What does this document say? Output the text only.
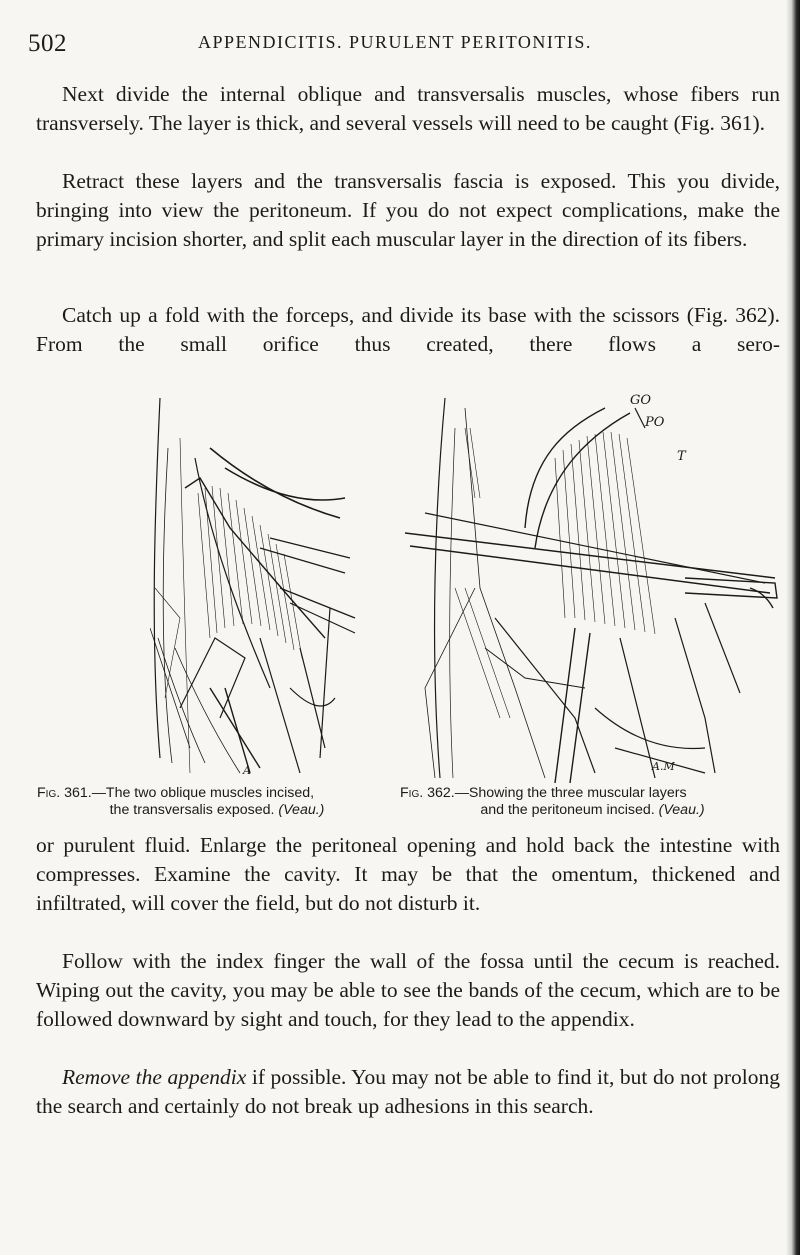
502	APPENDICITIS. PURULENT PERITONITIS.

Next divide the internal oblique and transversalis muscles, whose fibers run transversely. The layer is thick, and several vessels will need to be caught (Fig. 361).

Retract these layers and the transversalis fascia is exposed. This you divide, bringing into view the peritoneum. If you do not expect complications, make the primary incision shorter, and split each muscular layer in the direction of its fibers.

Catch up a fold with the forceps, and divide its base with the scissors (Fig. 362). From the small orifice thus created, there flows a sero-

A
GO
PO
T
A.M
Fig. 361.—The two oblique muscles incised,
the transversalis exposed. (Veau.)
Fig. 362.—Showing the three muscular layers
and the peritoneum incised. (Veau.)

or purulent fluid. Enlarge the peritoneal opening and hold back the intestine with compresses. Examine the cavity. It may be that the omentum, thickened and infiltrated, will cover the field, but do not disturb it.

Follow with the index finger the wall of the fossa until the cecum is reached. Wiping out the cavity, you may be able to see the bands of the cecum, which are to be followed downward by sight and touch, for they lead to the appendix.

Remove the appendix if possible. You may not be able to find it, but do not prolong the search and certainly do not break up adhesions in this search.
